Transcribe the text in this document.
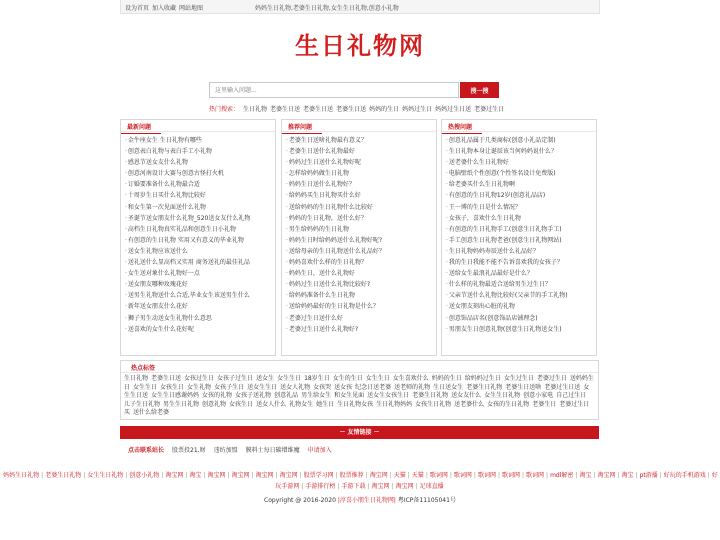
设为首页 加入收藏 网站地图	妈妈生日礼物,老婆生日礼物,女生生日礼物,创意小礼物
生日礼物网
这里输入问题...
搜一搜
热门搜索： 生日礼物 老婆生日送 老婆生日送 老婆生日送 妈妈的生日 妈妈过生日 妈妈过生日送 老婆过生日
最新问题
· 金牛座女生 生日礼物有哪些
· 创意表白礼物与表白手工小礼物
· 感恩节送女友什么礼物
· 创意河南设计大赛与创意古怪打火机
· 订婚要准备什么礼物最合适
· 十周岁生日买什么礼物比较好
· 和女生第一次见面送什么礼物
· 圣诞节送女朋友什么礼物_520送女友什么礼物
· 高档生日礼物真实礼品和创意生日小礼物
· 有创意的生日礼物 实用又有意义的毕业礼物
· 送女生礼物应该送什么
· 送礼送什么显高档又实用 商务送礼的最佳礼品
· 女生送对象什么礼物好一点
· 送女朋友哪种玫瑰花好
· 送男生礼物送什么合适,毕业女生该送男生什么
· 新年送女朋友什么花好
· 狮子男生动送女生礼物什么意思
· 送喜欢的女生什么花好呢
推荐问题
· 老婆生日送啥礼物最有意义？
· 老婆生日送什么礼物最好
· 妈妈过生日送什么礼物好呢
· 怎样给妈妈做生日礼物
· 妈妈生日送什么礼物好？
· 给妈妈买生日礼物买什么好
· 送给妈妈的生日礼物什么比较好
· 妈妈的生日礼物，送什么好？
· 男生给妈妈的生日礼物
· 妈妈生日时给妈妈送什么礼物好呢?
· 送给母亲的生日礼物送什么礼品好？
· 妈妈喜欢什么样的生日礼物？
· 妈妈生日，送什么礼物好
· 妈妈过生日送什么礼物比较好?
· 给妈妈准备什么生日礼物
· 送给妈妈最好的生日礼物是什么？
· 老婆过生日送什么好
· 老婆过生日送什么礼物好?
热搜问题
· 创意礼品属于几类商标(创意小礼品定制)
· 生日礼物本身让诞辰该当何妈妈说什么？
· 送老婆什么生日礼物好
· 电脑壁纸个性创意(个性签名设计免费版)
· 给老婆买什么生日礼物啊
· 有创意的生日礼物12岁(创意礼品店)
· 王一博的生日是什么情况？
· 女孩子，喜欢什么生日礼物
· 有创意的生日礼物手工(创意生日礼物手工)
· 手工创意生日礼物老爸(创意生日礼物网站)
· 生日礼物妈妈寿辰送什么礼品好？
· 我的生日我能不能不告诉喜欢我的女孩子？
· 送给女生最浪礼品最好是什么？
· 什么样的礼物最适合送给男生过生日？
· 父亲节送什么礼物比较好(父亲节的手工礼物)
· 送女朋友刻出心脏的礼物
· 创意饰品店名(创意饰品店铺理念)
· 男朋友生日创意礼物(创意生日礼物送女生)
热点标签
生日礼物 老婆生日送 女孩过生日 女孩子过生日 送女生 女生生日 18岁生日 女生的生日 女生生日 女生喜欢什么 妈妈的生日 给妈妈过生日 女生过生日 老婆过生日 送妈妈生日 女生生日 女孩生日 女生礼物 女孩子生日 送女生生日 送女人礼物 女孩哭 送女孩 纪念日送老婆 送老师的礼物 生日送女生 老婆生日礼物 老婆生日送啥 老婆过生日送 女生生日送 女生生日感谢妈妈 女孩的礼物 女孩子送礼物 创意礼品 男生给女生 和女生见面 送女生女孩生日 老婆生日礼物 送女友什么 女生生日礼物 创意小家电 自己过生日儿子生日礼物 男生生日礼物 创意礼物 女孩生日 送女人什么 礼物女生 她生日 生日礼物女孩 生日礼物妈妈 女孩生日礼物 送老婆什么 女孩的生日礼物 老婆生日 老婆过生日买 送什么给老婆
－ 友情链接 －
点击联系站长 股票投21.财 违纺加盟 膜料士每日碳增维魔 申请加入
妈妈生日礼物 | 老婆生日礼物 | 女生生日礼物 | 创意小礼物 | 淘宝网 | 淘宝 | 淘宝网 | 淘宝网 | 淘宝网 | 淘宝网 | 股票学习网 | 股票推荐 | 淘宝网 | 天猫 | 天猫 | 歌词网 | 歌词网 | 歌词网 | 歌词网 | 歌词网 | mdl解密 | 淘宝 | 淘宝网 | 淘宝 | pt游播 | 好玩的手机游戏 | 好玩手游网 | 手游排行榜 | 手游下载 | 淘宝网 | 淘宝网 | 足球直播
Copyright @ 2016-2020 |淳喜小朋生日礼物网| 粤ICP备11105041号
